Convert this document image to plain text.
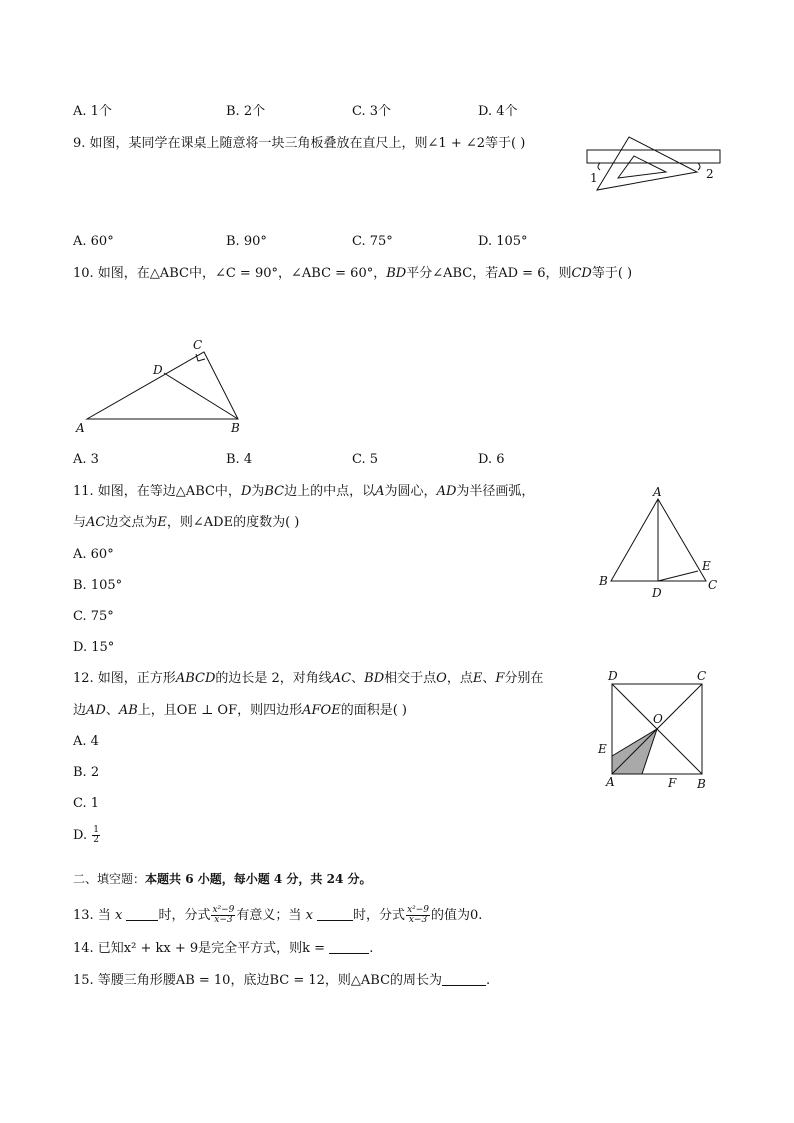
A. 1个	B. 2个	C. 3个	D. 4个
9. 如图，某同学在课桌上随意将一块三角板叠放在直尺上，则∠1 + ∠2等于( )
1	2
A. 60°	B. 90°	C. 75°	D. 105°
10. 如图，在△ABC中，∠C = 90°，∠ABC = 60°，BD平分∠ABC，若AD = 6，则CD等于( )
C
D
A	B
A. 3	B. 4	C. 5	D. 6
11. 如图，在等边△ABC中，D为BC边上的中点，以A为圆心，AD为半径画弧，
与AC边交点为E，则∠ADE的度数为( )
A
B
D
E
C
A. 60°
B. 105°
C. 75°
D. 15°
12. 如图，正方形ABCD的边长是 2，对角线AC、BD相交于点O，点E、F分别在
边AD、AB上，且OE ⊥ OF，则四边形AFOE的面积是( )
D	C
O
E
A	F B
A. 4
B. 2
C. 1
D. $\frac{1}{2}$
二、填空题：本题共 6 小题，每小题 4 分，共 24 分。
13. 当 x	时，分式 $\frac{\text{x²−9}}{x-3}$ 有意义；当 x	时，分式 $\frac{\text{x²−9}}{x-3}$ 的值为0.
14. 已知x² + kx + 9是完全平方式，则k =	.
15. 等腰三角形腰AB = 10，底边BC = 12，则△ABC的周长为	.
